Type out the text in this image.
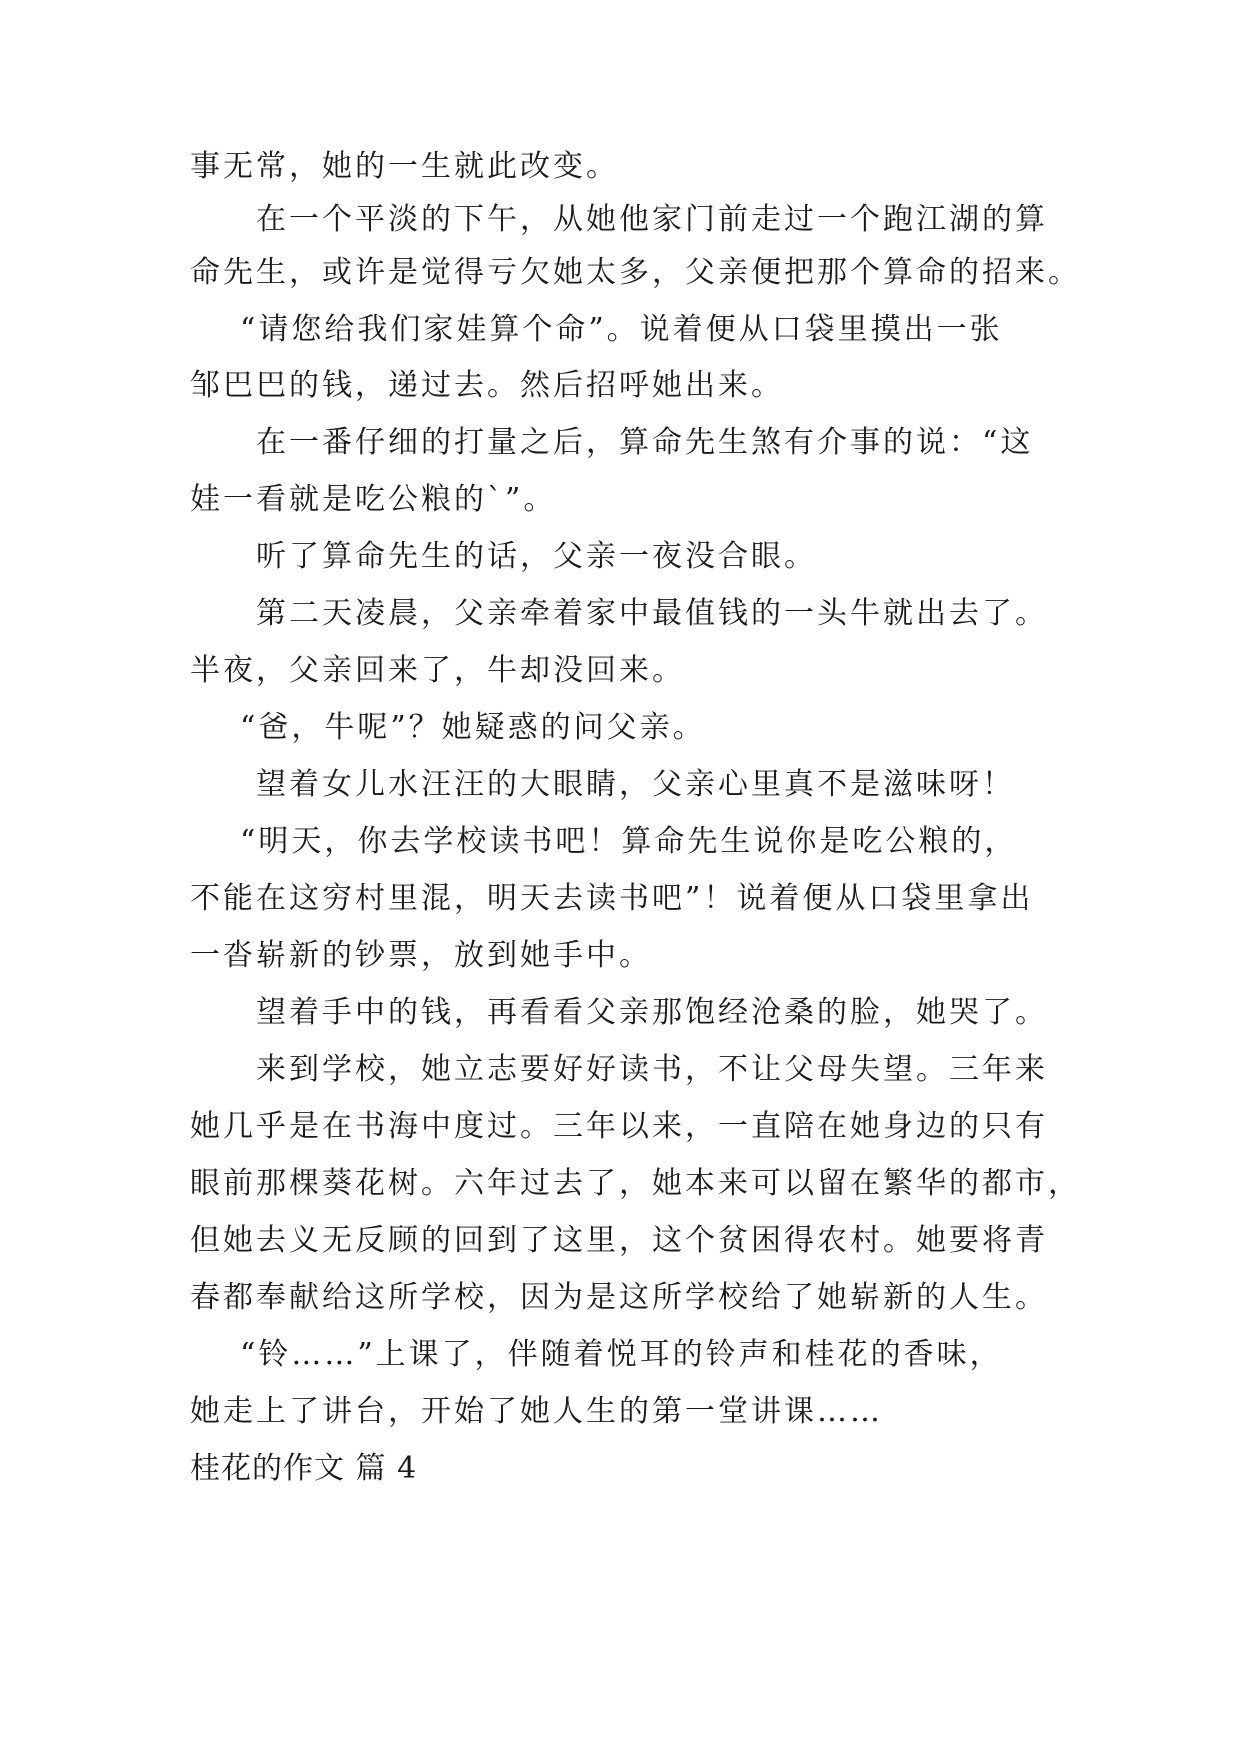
事无常，她的一生就此改变。
在一个平淡的下午，从她他家门前走过一个跑江湖的算
命先生，或许是觉得亏欠她太多，父亲便把那个算命的招来。
“请您给我们家娃算个命”。说着便从口袋里摸出一张
邹巴巴的钱，递过去。然后招呼她出来。
在一番仔细的打量之后，算命先生煞有介事的说：“这
娃一看就是吃公粮的`”。
听了算命先生的话，父亲一夜没合眼。
第二天凌晨，父亲牵着家中最值钱的一头牛就出去了。
半夜，父亲回来了，牛却没回来。
“爸，牛呢”？她疑惑的问父亲。
望着女儿水汪汪的大眼睛，父亲心里真不是滋味呀！
“明天，你去学校读书吧！算命先生说你是吃公粮的，
不能在这穷村里混，明天去读书吧”！说着便从口袋里拿出
一沓崭新的钞票，放到她手中。
望着手中的钱，再看看父亲那饱经沧桑的脸，她哭了。
来到学校，她立志要好好读书，不让父母失望。三年来
她几乎是在书海中度过。三年以来，一直陪在她身边的只有
眼前那棵葵花树。六年过去了，她本来可以留在繁华的都市，
但她去义无反顾的回到了这里，这个贫困得农村。她要将青
春都奉献给这所学校，因为是这所学校给了她崭新的人生。
“铃……”上课了，伴随着悦耳的铃声和桂花的香味，
她走上了讲台，开始了她人生的第一堂讲课……
桂花的作文 篇 4
